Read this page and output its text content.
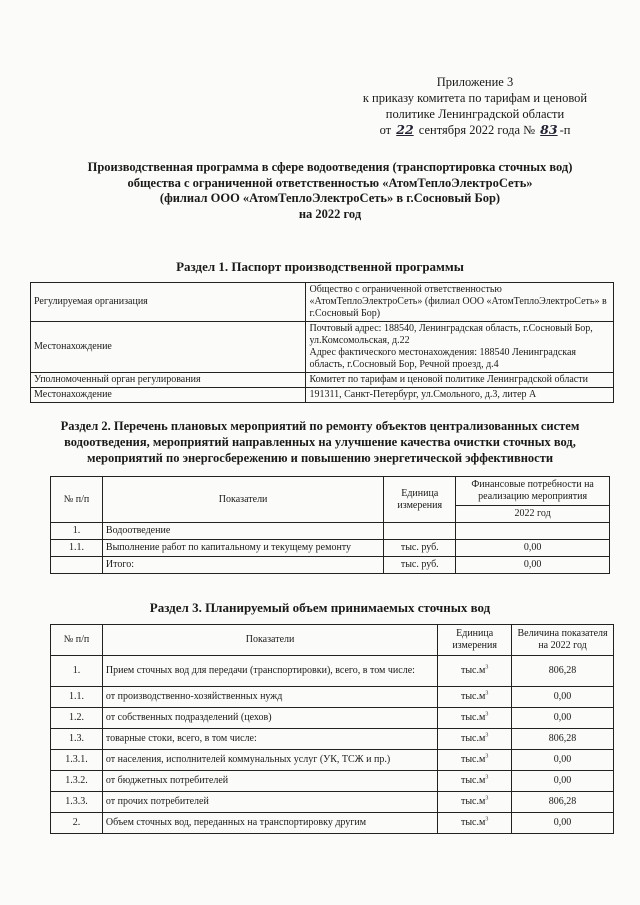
Приложение 3
к приказу комитета по тарифам и ценовой
политике Ленинградской области
от 22 сентября 2022 года № 83 -п
Производственная программа в сфере водоотведения (транспортировка сточных вод)
общества с ограниченной ответственностью «АтомТеплоЭлектроСеть»
(филиал ООО «АтомТеплоЭлектроСеть» в г.Сосновый Бор)
на 2022 год
Раздел 1. Паспорт производственной программы
Регулируемая организация	Общество с ограниченной ответственностью «АтомТеплоЭлектроСеть» (филиал ООО «АтомТеплоЭлектроСеть» в г.Сосновый Бор)
Местонахождение	Почтовый адрес: 188540, Ленинградская область, г.Сосновый Бор, ул.Комсомольская, д.22
Адрес фактического местонахождения: 188540 Ленинградская область, г.Сосновый Бор, Речной проезд, д.4

Уполномоченный орган регулирования	Комитет по тарифам и ценовой политике Ленинградской области
Местонахождение	191311, Санкт-Петербург, ул.Смольного, д.3, литер А
Раздел 2. Перечень плановых мероприятий по ремонту объектов централизованных систем
водоотведения, мероприятий направленных на улучшение качества очистки сточных вод,
мероприятий по энергосбережению и повышению энергетической эффективности
№ п/п	Показатели	Единица измерения	Финансовые потребности на реализацию мероприятия
			2022 год
1.	Водоотведение		
1.1.	Выполнение работ по капитальному и текущему ремонту	тыс. руб.	0,00
	Итого:	тыс. руб.	0,00
Раздел 3. Планируемый объем принимаемых сточных вод
№ п/п	Показатели	Единица измерения	Величина показателя на 2022 год
1.	Прием сточных вод для передачи (транспортировки), всего, в том числе:	$тыс.м^3$	806,28
1.1.	от производственно-хозяйственных нужд	$тыс.м^3$	0,00
1.2.	от собственных подразделений (цехов)	$тыс.м^3$	0,00
1.3.	товарные стоки, всего, в том числе:	$тыс.м^3$	806,28
1.3.1.	от населения, исполнителей коммунальных услуг (УК, ТСЖ и пр.)	$тыс.м^3$	0,00
1.3.2.	от бюджетных потребителей	$тыс.м^3$	0,00
1.3.3.	от прочих потребителей	$тыс.м^3$	806,28
2.	Объем сточных вод, переданных на транспортировку другим	$тыс.м^3$	0,00
